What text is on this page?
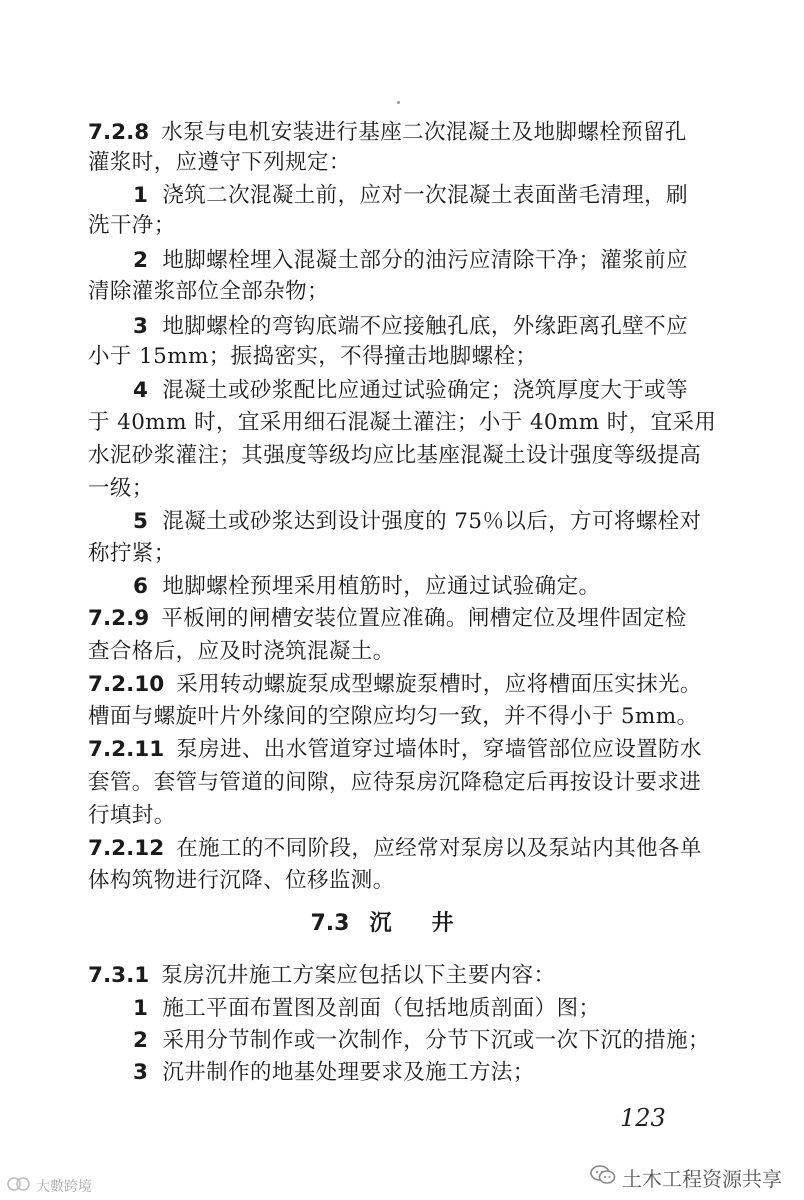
7.2.8 水泵与电机安装进行基座二次混凝土及地脚螺栓预留孔
灌浆时，应遵守下列规定：
1 浇筑二次混凝土前，应对一次混凝土表面凿毛清理，刷
洗干净；
2 地脚螺栓埋入混凝土部分的油污应清除干净；灌浆前应
清除灌浆部位全部杂物；
3 地脚螺栓的弯钩底端不应接触孔底，外缘距离孔壁不应
小于 15mm；振捣密实，不得撞击地脚螺栓；
4 混凝土或砂浆配比应通过试验确定；浇筑厚度大于或等
于 40mm 时，宜采用细石混凝土灌注；小于 40mm 时，宜采用
水泥砂浆灌注；其强度等级均应比基座混凝土设计强度等级提高
一级；
5 混凝土或砂浆达到设计强度的 75％以后，方可将螺栓对
称拧紧；
6 地脚螺栓预埋采用植筋时，应通过试验确定。
7.2.9 平板闸的闸槽安装位置应准确。闸槽定位及埋件固定检
查合格后，应及时浇筑混凝土。
7.2.10 采用转动螺旋泵成型螺旋泵槽时，应将槽面压实抹光。
槽面与螺旋叶片外缘间的空隙应均匀一致，并不得小于 5mm。
7.2.11 泵房进、出水管道穿过墙体时，穿墙管部位应设置防水
套管。套管与管道的间隙，应待泵房沉降稳定后再按设计要求进
行填封。
7.2.12 在施工的不同阶段，应经常对泵房以及泵站内其他各单
体构筑物进行沉降、位移监测。
7.3 沉井
7.3.1 泵房沉井施工方案应包括以下主要内容：
1 施工平面布置图及剖面（包括地质剖面）图；
2 采用分节制作或一次制作，分节下沉或一次下沉的措施；
3 沉井制作的地基处理要求及施工方法；
123
土木工程资源共享
大數跨境
